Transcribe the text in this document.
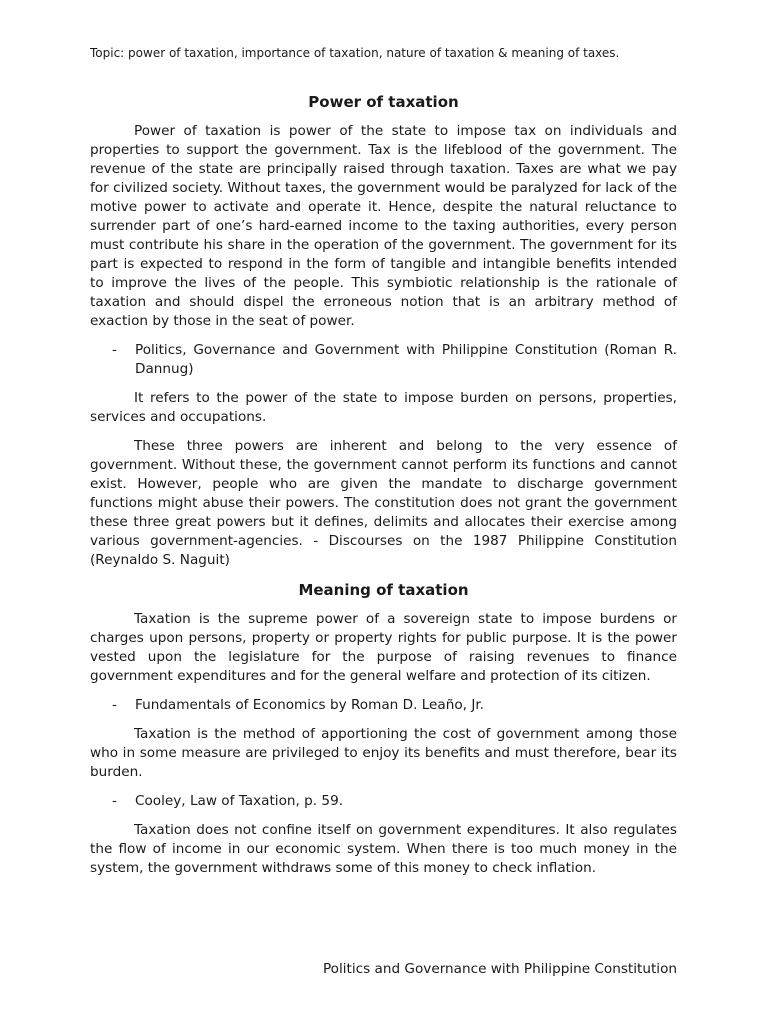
Topic: power of taxation, importance of taxation, nature of taxation & meaning of taxes.

Power of taxation

Power of taxation is power of the state to impose tax on individuals and properties to support the government. Tax is the lifeblood of the government. The revenue of the state are principally raised through taxation. Taxes are what we pay for civilized society. Without taxes, the government would be paralyzed for lack of the motive power to activate and operate it. Hence, despite the natural reluctance to surrender part of one’s hard-earned income to the taxing authorities, every person must contribute his share in the operation of the government. The government for its part is expected to respond in the form of tangible and intangible benefits intended to improve the lives of the people. This symbiotic relationship is the rationale of taxation and should dispel the erroneous notion that is an arbitrary method of exaction by those in the seat of power.

-	Politics, Governance and Government with Philippine Constitution (Roman R. Dannug)

It refers to the power of the state to impose burden on persons, properties, services and occupations.

These three powers are inherent and belong to the very essence of government. Without these, the government cannot perform its functions and cannot exist. However, people who are given the mandate to discharge government functions might abuse their powers. The constitution does not grant the government these three great powers but it defines, delimits and allocates their exercise among various government-agencies. - Discourses on the 1987 Philippine Constitution (Reynaldo S. Naguit)

Meaning of taxation

Taxation is the supreme power of a sovereign state to impose burdens or charges upon persons, property or property rights for public purpose. It is the power vested upon the legislature for the purpose of raising revenues to finance government expenditures and for the general welfare and protection of its citizen.

-	Fundamentals of Economics by Roman D. Leaño, Jr.

Taxation is the method of apportioning the cost of government among those who in some measure are privileged to enjoy its benefits and must therefore, bear its burden.

-	Cooley, Law of Taxation, p. 59.

Taxation does not confine itself on government expenditures. It also regulates the flow of income in our economic system. When there is too much money in the system, the government withdraws some of this money to check inflation.

Politics and Governance with Philippine Constitution
